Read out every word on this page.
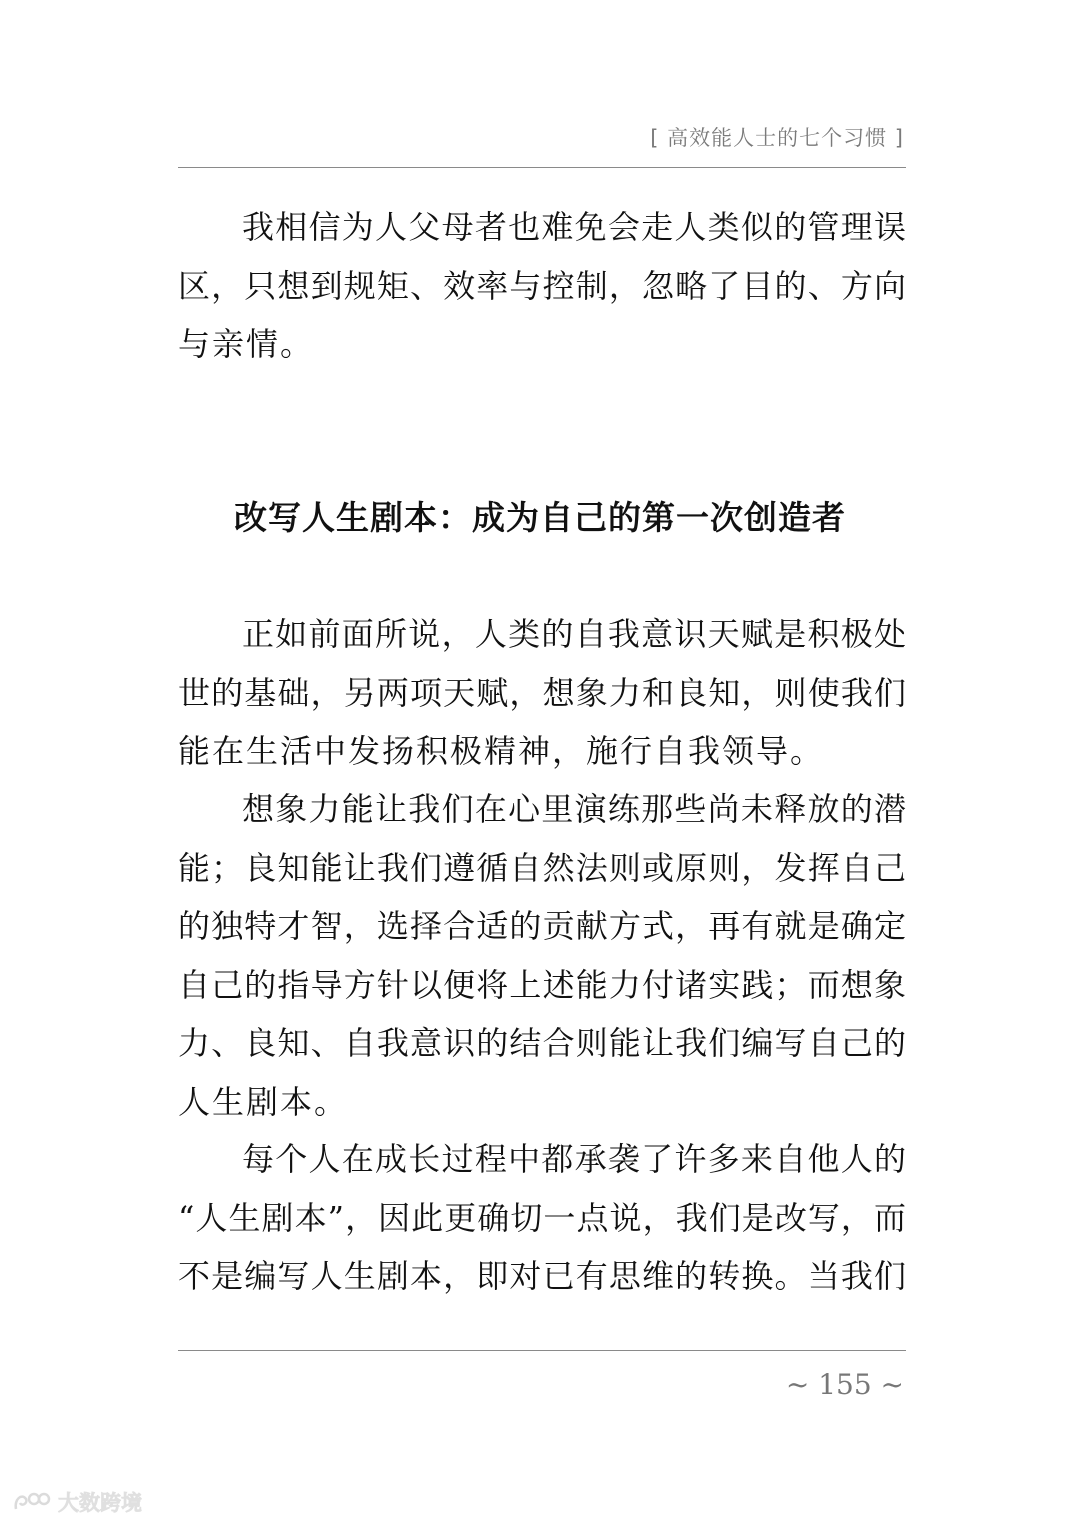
[ 高效能人士的七个习惯 ]
我相信为人父母者也难免会走人类似的管理误
区，只想到规矩、效率与控制，忽略了目的、方向
与亲情。
改写人生剧本：成为自己的第一次创造者
正如前面所说，人类的自我意识天赋是积极处
世的基础，另两项天赋，想象力和良知，则使我们
能在生活中发扬积极精神，施行自我领导。
想象力能让我们在心里演练那些尚未释放的潜
能；良知能让我们遵循自然法则或原则，发挥自己
的独特才智，选择合适的贡献方式，再有就是确定
自己的指导方针以便将上述能力付诸实践；而想象
力、良知、自我意识的结合则能让我们编写自己的
人生剧本。
每个人在成长过程中都承袭了许多来自他人的
“人生剧本”，因此更确切一点说，我们是改写，而
不是编写人生剧本，即对已有思维的转换。当我们
~ 155 ~
大数跨境
